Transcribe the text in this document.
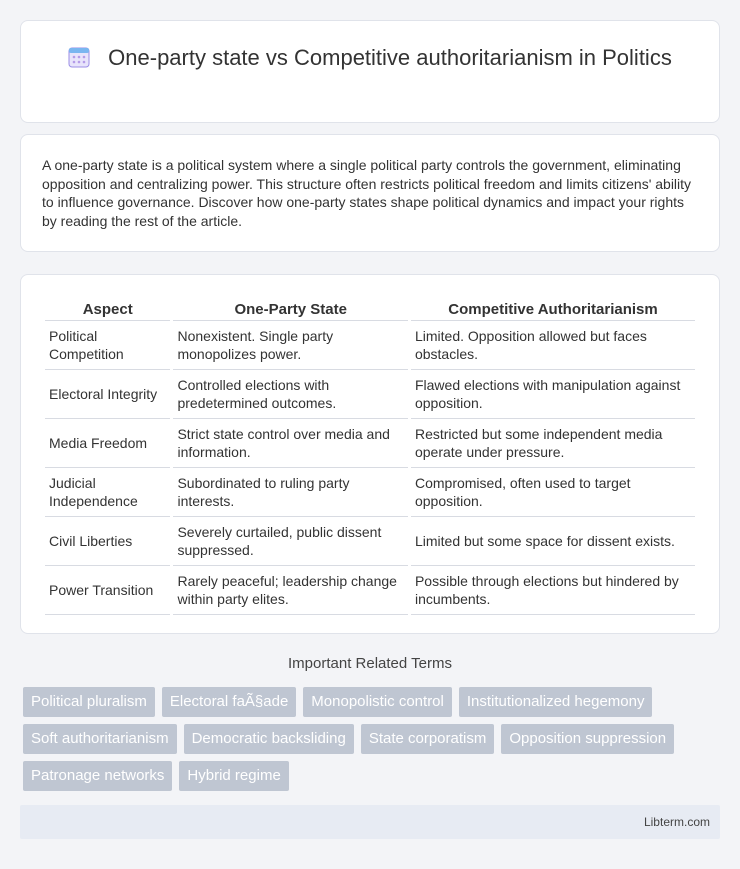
One-party state vs Competitive authoritarianism in Politics

A one-party state is a political system where a single political party controls the government, eliminating opposition and centralizing power. This structure often restricts political freedom and limits citizens' ability to influence governance. Discover how one-party states shape political dynamics and impact your rights by reading the rest of the article.

Aspect	One-Party State	Competitive Authoritarianism
Political Competition	Nonexistent. Single party monopolizes power.	Limited. Opposition allowed but faces obstacles.
Electoral Integrity	Controlled elections with predetermined outcomes.	Flawed elections with manipulation against opposition.
Media Freedom	Strict state control over media and information.	Restricted but some independent media operate under pressure.
Judicial Independence	Subordinated to ruling party interests.	Compromised, often used to target opposition.
Civil Liberties	Severely curtailed, public dissent suppressed.	Limited but some space for dissent exists.
Power Transition	Rarely peaceful; leadership change within party elites.	Possible through elections but hindered by incumbents.
Important Related Terms
Political pluralism	Electoral faÃ§ade	Monopolistic control	Institutionalized hegemony
Soft authoritarianism	Democratic backsliding	State corporatism	Opposition suppression
Patronage networks	Hybrid regime
Libterm.com
